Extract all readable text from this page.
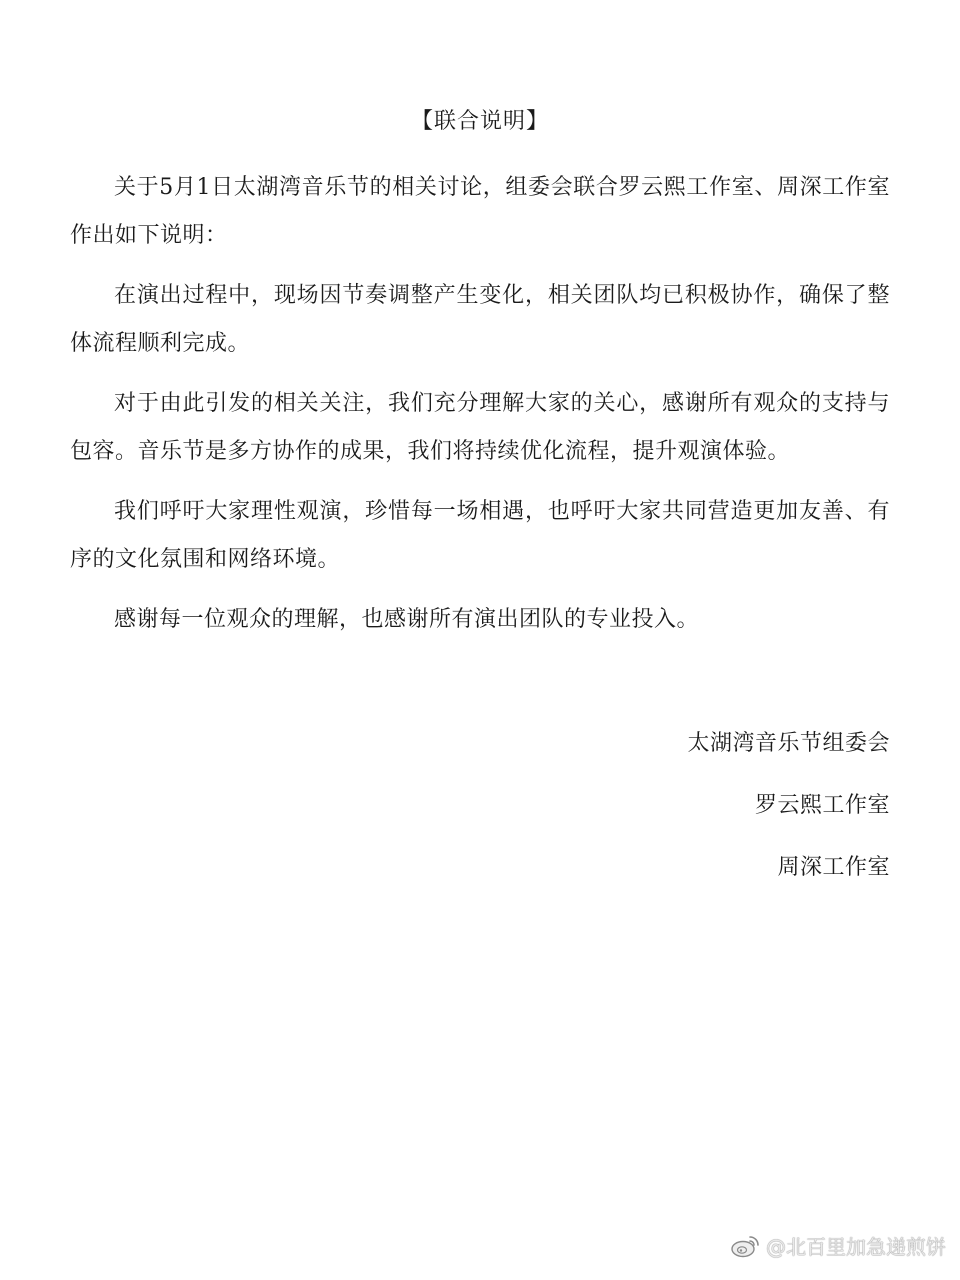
【联合说明】

关于5月1日太湖湾音乐节的相关讨论，组委会联合罗云熙工作室、周深工作室作出如下说明：

在演出过程中，现场因节奏调整产生变化，相关团队均已积极协作，确保了整体流程顺利完成。

对于由此引发的相关关注，我们充分理解大家的关心，感谢所有观众的支持与包容。音乐节是多方协作的成果，我们将持续优化流程，提升观演体验。

我们呼吁大家理性观演，珍惜每一场相遇，也呼吁大家共同营造更加友善、有序的文化氛围和网络环境。

感谢每一位观众的理解，也感谢所有演出团队的专业投入。

太湖湾音乐节组委会
罗云熙工作室
周深工作室
@北百里加急递煎饼
